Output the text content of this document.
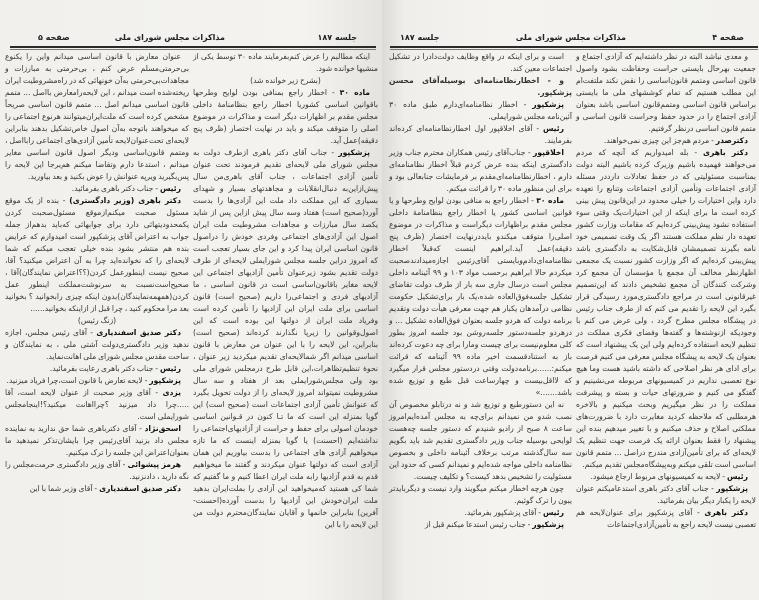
جلسه ۱۸۷
مذاکرات مجلس شورای ملی
صفحه ۵

عنوان معارض با قانون اساسی میدانم واین را یکنوع بی‌حرمتی‌مسلم عرض کنم ، بی‌حرمتی به مبارزات و مجاهدات‌بی‌حرمتی به‌آن خونهائی که در راه‌مشروطیت ایران ریخته‌شده است میدانم ، این لایحه‌رامعارض بااصل ... متمم قانون اساسی میدانم اصل ... متمم قانون اساسی صریحاً مشخص کرده است که ملت‌ایران‌میتوانند هرنوع اجتماعی را که میخواهند باتوجه به‌آن اصول خاص‌تشکیل بدهند بنابراین لایحه‌ای تحت‌عنوان‌لایحه تأمین آزادی‌های اجتماعی رابااصل ، ومتمم قانون‌اساسی ودیگر اصول قانون اساسی مغایر میدانم ، استدعا دارم وتقاضا میکنم هم‌یرجا این لایحه را پس‌بگیرید ویرپه عنوانش را عوض بکنید و بعد بیاورید.

رئیس - جناب دکتر باهری بفرمائید.

دکتر باهری (وزیر دادگستری) - بنده از یک موقع مسئول صحبت میکنم‌ازموقع مسئول‌صحبت کردن یکمحدودیتهائی دارد برای جوابهائی که‌باید بدهم‌از جمله جواب به اعتراض آقای پزشکپور است امیدوارم که عرایض بنده هم منتشر بشود بنده خیلی تعجب میکنم که شما لایحه‌ای را که نخوانده‌اید چرا به آن اعتراض میکنید؟ آقا، صحیح نیست اینطورعمل کردن(؟؟اعتراض نمایندگان)آقا ، صحیح‌است‌نسبت به سرنوشت‌مملکت اینطور عمل کردن(همهمه‌نمایندگان)بدون اینکه چیزی رابخوانید ؟ بخوانید بعد مرا محکوم کنید ، چرا قبل از ازاینکه بخوانید......

(زنگ رئیس)

دکتر صدیق اسفندیاری - آقای رئیس مجلس، اجازه ندهید وزیر دادگستری‌دولت آشتی ملی ، به نمایندگان و ساحت مقدس مجلس شورای ملی اهانت‌نماید.

رئیس - جناب دکتر باهری رعایت بفرمائید.

پزشکپور - لایحه تعارض با قانون است،چرا فریاد میزنید.

یزدی - آقای وزیر صحبت از عنوان لایحه است، آقا .....چرا داد میزنید ؟چرااهانت میکنید؟!اینجامجلس شورایملی است.

اسحق‌نژاد - آقای دکترباهری شما حق ندارید به نماینده مجلس داد بزنید آقای‌رئیس چرا بایشان‌تذکر نمیدهید ما بعنوان‌اعتراض این جلسه را ترک میکنیم.

هرمز پیشوائی - آقای وزیر دادگستری حرمت‌مجلس را نگه دارید ، دادنزنید.

دکتر صدیق اسفندیاری - آقای وزیر شما با این

اینکه مطالبم را عرض کنم‌بفرمایند ماده ۳۰ توسط یکی از منشیها خوانده شود.

(بشرح زیر خوانده شد)

ماده ۳۰ - اخطار راجع بمنافی بودن لوایح وطرحها باقوانین اساسی کشوریا اخطار راجع بنظامنامهٔ داخلی مجلس مقدم بر اظهارات دیگر است و مذاکرات در موضوع اصلی را متوقف میکند و باید در نهایت اختصار (ظرف پنج دقیقه)عمل آید.

پزشکپور - جناب آقای دکتر باهری ازطرف دولت به مجلس شورای ملی لایحه‌ای تقدیم فرمودند تحت عنوان تأمین آزادی اجتماعات ، جناب آقای باهری‌من سال پیش‌ازاین‌به دنبال‌انقلابات و مجاهدتهای بسیار و شهدای بسیاری که این مملکت داد ملت این آزادی‌ها را بدست آورد(صحیح است) هفتاد وسه سال پیش ازاین پس از شاید یکصد سال مبارزات و مجاهدات مشروطیت ملت ایران اصول این آزادی‌های اجتماعی وفردی خودش را دراصول قانون اساسی ایران پیدا کرد و این جای بسیار تعجب است که امروز دراین جلسه مجلس شورایملی لایحه‌ای از طرف دولت تقدیم بشود زیرعنوان تأمین آزادیهای اجتماعی این لایحه مغایر باقانون‌اساسی است در قانون اساسی ، ما آزادیهای فردی و اجتماعی‌را داریم (صحیح است) قانون اساسی برای ملت ایران این آزادیها را تأمین کرده است وفریاد ملت ایران از دولتها این بوده است که این اصول‌وقوانین را زیرپا نگذارند کرده‌اند (صحیح است) بنابراین، این لایحه را با این عنوان من معارض با قانون اساسی میدانم اگر شمالایحه‌ای تقدیم میکردید زیر عنوان ، نحوهٔ تنظیم‌تظاهرات‌،این قابل طرح درمجلس شورای ملی بود ولی مجلس‌شورایملی بعد از هفتاد و سه سال مشروطیت نمیتواند امروز لایحه‌ای را از دولت تحویل بگیرد که عنوانش تأمین آزادی اجتماعات است (صحیح است) این گویا بمنزله این است که ما تـا کنون در قـوانین اساسی خودمان اصولی برای حفظ و حراست از آزادیهای‌اجتماعی را نداشته‌ایم (احسنت) یا گویا بمنزله اینست که ما تازه میخواهیم آزادی های اجتماعی را بدست بیاوریم این همان آزادی است که دولتها عنوان میکردند و گفتند ما میخواهیم قدم به قدم آزادیها رابه ملت ایران اعطا کنیم و ما گفتیم که شما کی هستید که‌میخواهید این آزادی را بملت‌ایران بدهید ملت ایران‌خودش این آزادیها را بدست آورده(احسنت- آفرین) بنابراین خانمها و آقایان نمایندگان‌محترم دولت من این لایحه را با این

جلسه ۱۸۷	مذاکرات مجلس شورای ملی	صفحه ۴

است و برای اینکه در واقع وظایف دولت‌دادرا در تشکیل اجتماعات معین کند.

و - اخطارنظامنامه‌ای بوسیله‌آقای محسن پزشکپور.

پزشکپور - اخطار نظامنامه‌ای‌دارم طبق ماده ۳۰ آئین‌نامه مجلس شورایملی.

رئیس - آقای اخلاقپور اول اخطارنظامنامه‌ای کرده‌اند بفرمایند.

اخلاقپور - جناب‌آقای رئیس همکاران محترم جناب وزیر دادگستری اینکه بنده عرض کردم قبلاً اخطار نظامنامه‌ای دارم ، اخطارنظامنامه‌ای‌مقدم بر فرمایشات جنابعالی بود و برای این منظور ماده ۳۰ را قرائت میکنم.

ماده ۳۰ - اخطار راجع به منافی بودن لوایح وطرحها و یا قوانین اساسی کشور یا اخطار راجع بنظامنامهٔ داخلی مجلس مقدم براظهارات دیگراست و مذاکرات در موضوع اصلی‌را متوقف میکندو بایددرنهایت اختصار (ظرف پنج دقیقه)عمل آید.ابراهیم اینست که‌قبلاً اخطار نظامنامه‌ای‌دادم‌وبایستی آقای‌رئیس اجازه‌میدادند‌صحبت میکردم حالا ابراهیم برحسب مواد ۱۰۳ و ۹۹ آئینامه داخلی مجلس است درسال جاری سه بار از طرف دولت تقاضای تشکیل جلسه‌فوق‌العاده شده‌،یک بار برای‌تشکیل حکومت نظامی درآمدهان یکبار هم جهت معرفی هیأت دولت وتقدیم برنامه دولت که هردو جلسه بعنوان فوق‌العاده تشکیل ... و درهردو جلسه‌دستور جلسه‌روشن بود جلسه امروز بطور کلی معلوم‌نیست برای چیست ومارا برای چه دعوت کرده‌اند باز به استنادقسمت اخیر ماده ۹۹ آئینامه که قرائت میکنم:......برنامه‌دولت وقتی دردستور مجلس قرار میگیرد که لااقل‌بیست و چهارساعت قبل طبع و توزیع شده باشد.......»

نه این دستورطبع و توزیع شد و نه درتابلو مخصوص آن نصب شدو من نمیدانم برای‌چه به مجلس آمده‌ایم‌امروز ساعت ۸ صبح از رادیو شنیدم که دستور جلسه چه‌هست لوایحی بوسیله جناب وزیر دادگستری تقدیم شد باید بگویم سه سال‌گذشته مرتب برخلاف آئینامه داخلی و بخصوص نظامنامه داخلی مواجه شده‌ایم و نمیدانم کسی که حدود این مسئولیت را تشخیص بدهد کیست؟ و تکلیف چیست.

چون هرچه اخطار میکنم میگویند وارد نیست و دیگربایدتر یبون را ترک گوئیم.

رئیس - آقای پزشکپور بفرمائید.

پزشکپور - جناب رئیس استدعا میکنم قبل از

و معدی نباشد البته در نظر داشته‌ایم که آزادی اجتماع و جمعیت بهرحال بایستی حراست وحفاظت بشود واصول قانون اساسی ومتمم قانون‌اساسی را نقض نکند ملتفت‌ام این مطلب هستیم که تمام کوششهای ملی ما بایستی براساس قانون اساسی ومتمم‌قانون اساسی باشد بعنوان آزادی اجتماع را در حدود حفظ وحراست قانون اساسی و متمم قانون اساسی درنظر گرفتیم.

دکترصدر - مردم هم‌جز این چیزی نمی‌خواهند.

دکتر باهری - بله امیدواریم که آنچه که مردم می‌خواهند فهمیده باشیم وزیرک کرده باشیم البته دولت بمناسبت مسئولیتی که در حفظ تعادلات دارددر مسئله آزادی اجتماعات وتأمین آزادی اجتماعات وتنابع را تعهده دارد واین اختیارات را خیلی محدود در این‌قانون پیش بینی کرده است ما برای اینکه از این اختیارات‌یک وقتی سوء استفاده نشود پیش‌بینی کرده‌ایم که مقامات وزارت کشور تعهده دار نظم مملکت هستند اگر یک وقت تصمیمی خود نامه بگیرند تصمیمشان قابل‌شکایت به دادگستری باشد پیش‌بینی کرده‌ایم که اگر وزارت کشور نسبت یک مجمعی اظهارنظر مخالف آن مجمع یا مؤسسان آن مجمع کرد وشرکت کنندگان آن مجمع تشخیص دادند که این‌تصمیم غیرقانونی است در مراجع دادگستری‌مورد رسیدگی قرار بگیرد این لایحه را تقدیم می کنم که از طرف جناب رئیس در پیشگاه مجلس مطرح گردد ، ولی عرض می کنم با وجودیکه ازنوشته‌ها و گفته‌ها وفضای فکری مملکت در تنظیم لایحه استفاده کرده‌ایم ولی این یک پیشنهاد است که بعنوان یک لایحه به پیشگاه مجلس معرفی می کنیم فرصت برای ادای هر نظر اصلاحی که داشته باشید هست وما هیچ نوع تعصبی نداریم در کمیسیونهای مربوطه می‌نشینیم و گفتگو می کنیم و ضرورتهای حیات و بسته و پیشرفت مملکت را در نظر میگیریم وبحث میکنیم و بالاخره هرمطلبی که ملاحظه کردید مغایرت دارد با ضرورت‌های مملکتی اصلاح و حذف میکنیم و با تغییر میدهیم بنده این پیشنهاد را فقط بعنوان ارائه یک فرصت جهت تنظیم یک لایحه‌ای که برای تأمین‌آزادی مندرج دراصل ... متمم قانون اساسی است تلقی میکنم وبه‌پیشگاه‌مجلس تقدیم میکنم.

رئیس - لایحه به کمیسیونهای مربوط ارجاع میشود.

پزشکپور - جناب آقای دکتر باهری استدعامیکنم عنوان لایحه را یکبار دیگر بیان بفرمائید.

دکتر باهری - آقای پزشکپور برای عنوان‌لایحه هم تعصبی نیست لایحه راجع به تأمین‌آزادی‌اجتماعات
